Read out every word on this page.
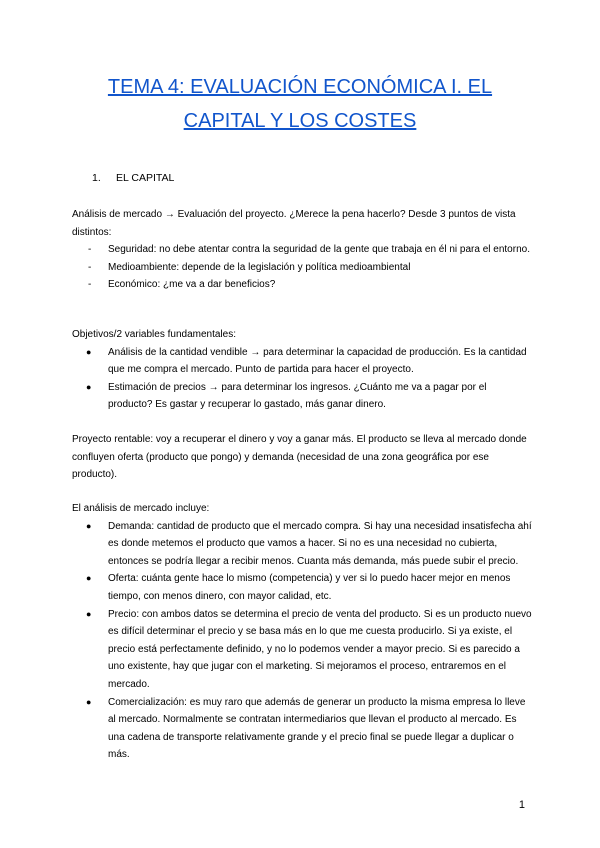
TEMA 4: EVALUACIÓN ECONÓMICA I. EL
CAPITAL Y LOS COSTES
1. EL CAPITAL

Análisis de mercado → Evaluación del proyecto. ¿Merece la pena hacerlo? Desde 3 puntos de vista distintos:

- Seguridad: no debe atentar contra la seguridad de la gente que trabaja en él ni para el entorno.
- Medioambiente: depende de la legislación y política medioambiental
- Económico: ¿me va a dar beneficios?

Objetivos/2 variables fundamentales:

● Análisis de la cantidad vendible → para determinar la capacidad de producción. Es la cantidad que me compra el mercado. Punto de partida para hacer el proyecto.
● Estimación de precios → para determinar los ingresos. ¿Cuánto me va a pagar por el producto? Es gastar y recuperar lo gastado, más ganar dinero.

Proyecto rentable: voy a recuperar el dinero y voy a ganar más. El producto se lleva al mercado donde confluyen oferta (producto que pongo) y demanda (necesidad de una zona geográfica por ese producto).

El análisis de mercado incluye:

● Demanda: cantidad de producto que el mercado compra. Si hay una necesidad insatisfecha ahí es donde metemos el producto que vamos a hacer. Si no es una necesidad no cubierta, entonces se podría llegar a recibir menos. Cuanta más demanda, más puede subir el precio.
● Oferta: cuánta gente hace lo mismo (competencia) y ver si lo puedo hacer mejor en menos tiempo, con menos dinero, con mayor calidad, etc.
● Precio: con ambos datos se determina el precio de venta del producto. Si es un producto nuevo es difícil determinar el precio y se basa más en lo que me cuesta producirlo. Si ya existe, el precio está perfectamente definido, y no lo podemos vender a mayor precio. Si es parecido a uno existente, hay que jugar con el marketing. Si mejoramos el proceso, entraremos en el mercado.
● Comercialización: es muy raro que además de generar un producto la misma empresa lo lleve al mercado. Normalmente se contratan intermediarios que llevan el producto al mercado. Es una cadena de transporte relativamente grande y el precio final se puede llegar a duplicar o más.
1
